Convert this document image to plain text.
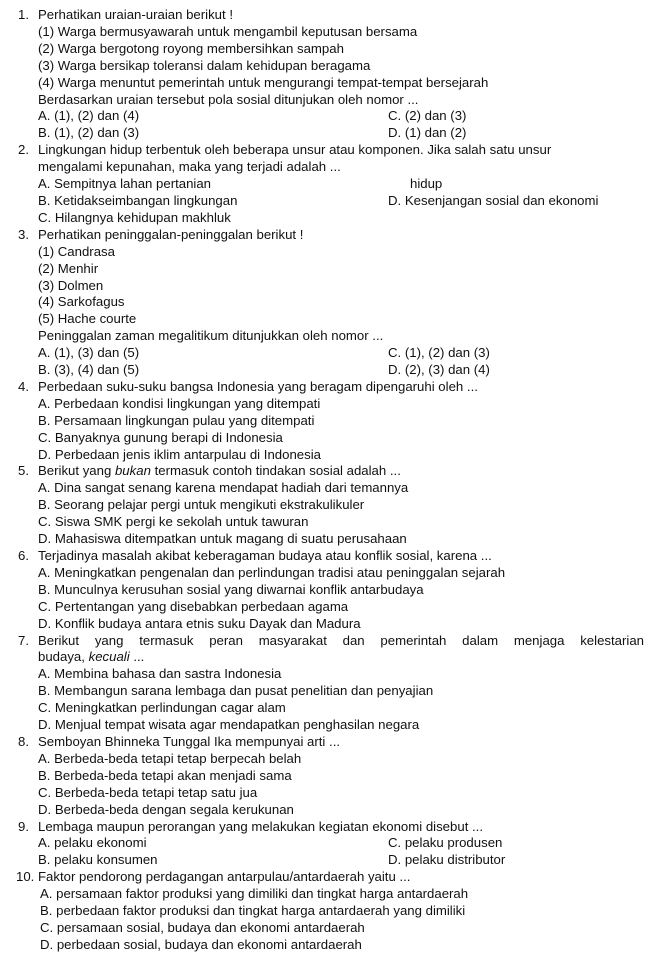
1. Perhatikan uraian-uraian berikut !
(1) Warga bermusyawarah untuk mengambil keputusan bersama
(2) Warga bergotong royong membersihkan sampah
(3) Warga bersikap toleransi dalam kehidupan beragama
(4) Warga menuntut pemerintah untuk mengurangi tempat-tempat bersejarah
Berdasarkan uraian tersebut pola sosial ditunjukan oleh nomor ...
A. (1), (2) dan (4)	C. (2) dan (3)
B. (1), (2) dan (3)	D. (1) dan (2)
2. Lingkungan hidup terbentuk oleh beberapa unsur atau komponen. Jika salah satu unsur
mengalami kepunahan, maka yang terjadi adalah ...
A. Sempitnya lahan pertanian	hidup
B. Ketidakseimbangan lingkungan	D. Kesenjangan sosial dan ekonomi
C. Hilangnya kehidupan makhluk
3. Perhatikan peninggalan-peninggalan berikut !
(1) Candrasa
(2) Menhir
(3) Dolmen
(4) Sarkofagus
(5) Hache courte
Peninggalan zaman megalitikum ditunjukkan oleh nomor ...
A. (1), (3) dan (5)	C. (1), (2) dan (3)
B. (3), (4) dan (5)	D. (2), (3) dan (4)
4. Perbedaan suku-suku bangsa Indonesia yang beragam dipengaruhi oleh ...
A. Perbedaan kondisi lingkungan yang ditempati
B. Persamaan lingkungan pulau yang ditempati
C. Banyaknya gunung berapi di Indonesia
D. Perbedaan jenis iklim antarpulau di Indonesia
5. Berikut yang bukan termasuk contoh tindakan sosial adalah ...
A. Dina sangat senang karena mendapat hadiah dari temannya
B. Seorang pelajar pergi untuk mengikuti ekstrakulikuler
C. Siswa SMK pergi ke sekolah untuk tawuran
D. Mahasiswa ditempatkan untuk magang di suatu perusahaan
6. Terjadinya masalah akibat keberagaman budaya atau konflik sosial, karena ...
A. Meningkatkan pengenalan dan perlindungan tradisi atau peninggalan sejarah
B. Munculnya kerusuhan sosial yang diwarnai konflik antarbudaya
C. Pertentangan yang disebabkan perbedaan agama
D. Konflik budaya antara etnis suku Dayak dan Madura
7. Berikut yang termasuk peran masyarakat dan pemerintah dalam menjaga kelestarian
budaya, kecuali ...
A. Membina bahasa dan sastra Indonesia
B. Membangun sarana lembaga dan pusat penelitian dan penyajian
C. Meningkatkan perlindungan cagar alam
D. Menjual tempat wisata agar mendapatkan penghasilan negara
8. Semboyan Bhinneka Tunggal Ika mempunyai arti ...
A. Berbeda-beda tetapi tetap berpecah belah
B. Berbeda-beda tetapi akan menjadi sama
C. Berbeda-beda tetapi tetap satu jua
D. Berbeda-beda dengan segala kerukunan
9. Lembaga maupun perorangan yang melakukan kegiatan ekonomi disebut ...
A. pelaku ekonomi	C. pelaku produsen
B. pelaku konsumen	D. pelaku distributor
10. Faktor pendorong perdagangan antarpulau/antardaerah yaitu ...
A. persamaan faktor produksi yang dimiliki dan tingkat harga antardaerah
B. perbedaan faktor produksi dan tingkat harga antardaerah yang dimiliki
C. persamaan sosial, budaya dan ekonomi antardaerah
D. perbedaan sosial, budaya dan ekonomi antardaerah
